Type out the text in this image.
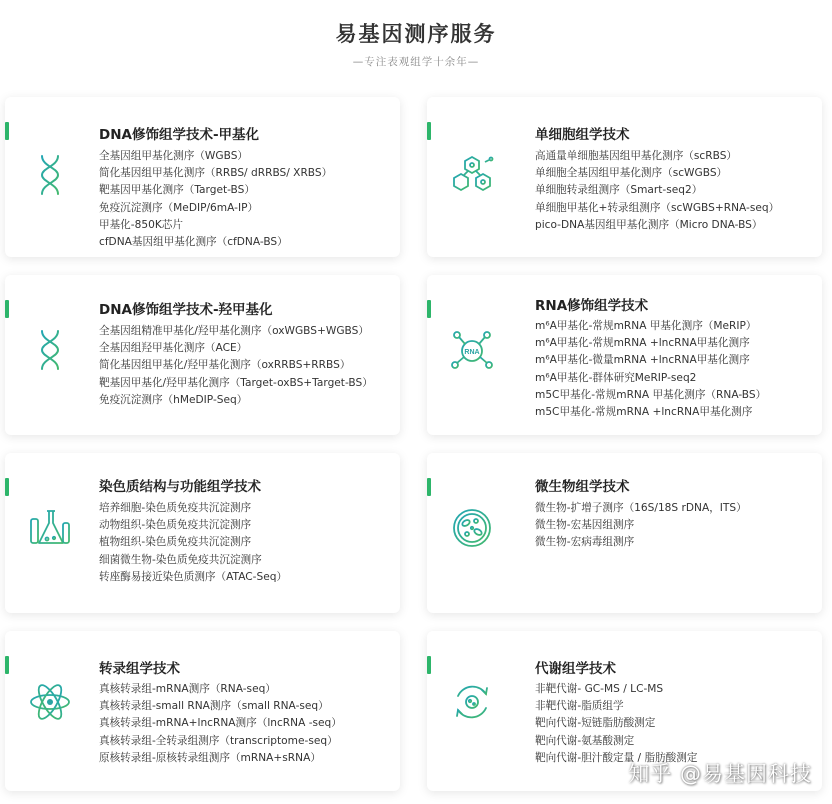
易基因测序服务
—专注表观组学十余年—
DNA修饰组学技术-甲基化
全基因组甲基化测序（WGBS）
简化基因组甲基化测序（RRBS/ dRRBS/ XRBS）
靶基因甲基化测序（Target-BS）
免疫沉淀测序（MeDIP/6mA-IP）
甲基化-850K芯片
cfDNA基因组甲基化测序（cfDNA-BS）
单细胞组学技术
高通量单细胞基因组甲基化测序（scRBS）
单细胞全基因组甲基化测序（scWGBS）
单细胞转录组测序（Smart-seq2）
单细胞甲基化+转录组测序（scWGBS+RNA-seq）
pico-DNA基因组甲基化测序（Micro DNA-BS）
DNA修饰组学技术-羟甲基化
全基因组精准甲基化/羟甲基化测序（oxWGBS+WGBS）
全基因组羟甲基化测序（ACE）
简化基因组甲基化/羟甲基化测序（oxRRBS+RRBS）
靶基因甲基化/羟甲基化测序（Target-oxBS+Target-BS）
免疫沉淀测序（hMeDIP-Seq）
RNA
RNA修饰组学技术
m⁶A甲基化-常规mRNA 甲基化测序（MeRIP）
m⁶A甲基化-常规mRNA +lncRNA甲基化测序
m⁶A甲基化-微量mRNA +lncRNA甲基化测序
m⁶A甲基化-群体研究MeRIP-seq2
m5C甲基化-常规mRNA 甲基化测序（RNA-BS）
m5C甲基化-常规mRNA +lncRNA甲基化测序
染色质结构与功能组学技术
培养细胞-染色质免疫共沉淀测序
动物组织-染色质免疫共沉淀测序
植物组织-染色质免疫共沉淀测序
细菌微生物-染色质免疫共沉淀测序
转座酶易接近染色质测序（ATAC-Seq）
微生物组学技术
微生物-扩增子测序（16S/18S rDNA，ITS）
微生物-宏基因组测序
微生物-宏病毒组测序
转录组学技术
真核转录组-mRNA测序（RNA-seq）
真核转录组-small RNA测序（small RNA-seq）
真核转录组-mRNA+lncRNA测序（lncRNA -seq）
真核转录组-全转录组测序（transcriptome-seq）
原核转录组-原核转录组测序（mRNA+sRNA）
代谢组学技术
非靶代谢- GC-MS / LC-MS
非靶代谢-脂质组学
靶向代谢-短链脂肪酸测定
靶向代谢-氨基酸测定
靶向代谢-胆汁酸定量 / 脂肪酸测定
知乎 @易基因科技
